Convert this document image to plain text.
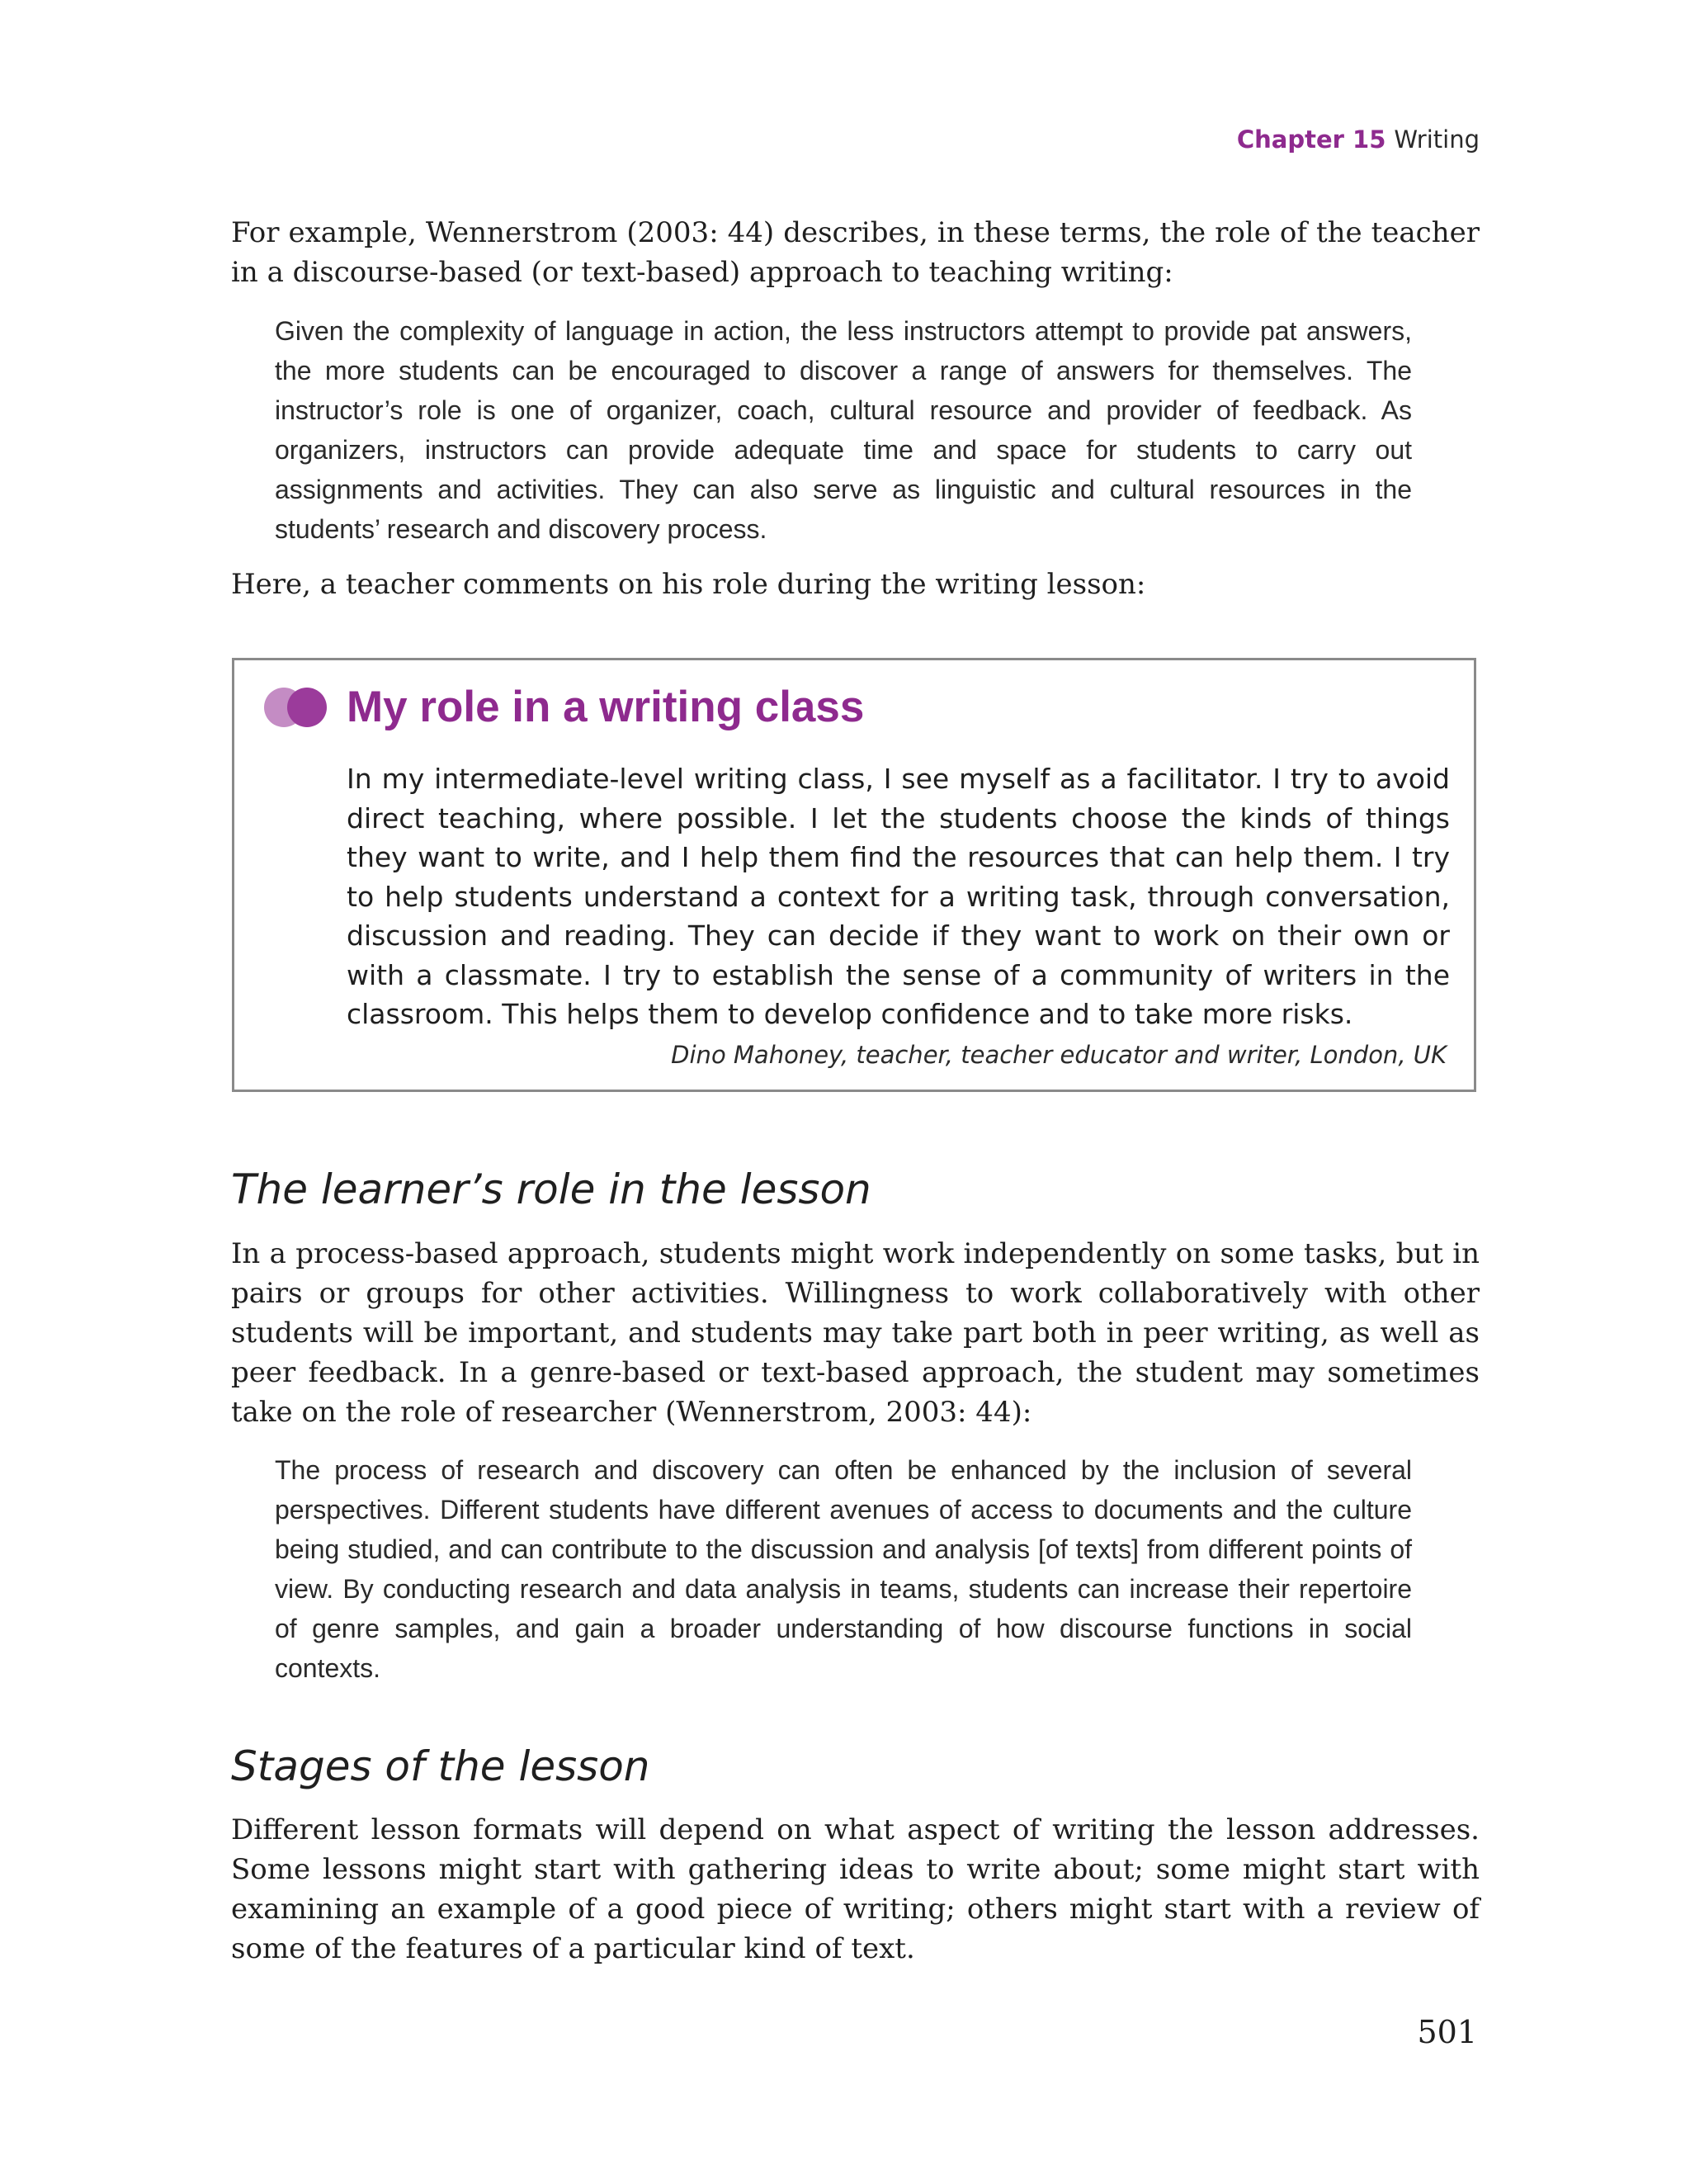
Chapter 15 Writing

For example, Wennerstrom (2003: 44) describes, in these terms, the role of the teacher in a discourse-based (or text-based) approach to teaching writing:

Given the complexity of language in action, the less instructors attempt to provide pat answers, the more students can be encouraged to discover a range of answers for themselves. The instructor’s role is one of organizer, coach, cultural resource and provider of feedback. As organizers, instructors can provide adequate time and space for students to carry out assignments and activities. They can also serve as linguistic and cultural resources in the students’ research and discovery process.

Here, a teacher comments on his role during the writing lesson:

My role in a writing class

In my intermediate-level writing class, I see myself as a facilitator. I try to avoid direct teaching, where possible. I let the students choose the kinds of things they want to write, and I help them find the resources that can help them. I try to help students understand a context for a writing task, through conversation, discussion and reading. They can decide if they want to work on their own or with a classmate. I try to establish the sense of a community of writers in the classroom. This helps them to develop confidence and to take more risks.

Dino Mahoney, teacher, teacher educator and writer, London, UK

The learner’s role in the lesson

In a process-based approach, students might work independently on some tasks, but in pairs or groups for other activities. Willingness to work collaboratively with other students will be important, and students may take part both in peer writing, as well as peer feedback. In a genre-based or text-based approach, the student may sometimes take on the role of researcher (Wennerstrom, 2003: 44):

The process of research and discovery can often be enhanced by the inclusion of several perspectives. Different students have different avenues of access to documents and the culture being studied, and can contribute to the discussion and analysis [of texts] from different points of view. By conducting research and data analysis in teams, students can increase their repertoire of genre samples, and gain a broader understanding of how discourse functions in social contexts.

Stages of the lesson

Different lesson formats will depend on what aspect of writing the lesson addresses. Some lessons might start with gathering ideas to write about; some might start with examining an example of a good piece of writing; others might start with a review of some of the features of a particular kind of text.

501
